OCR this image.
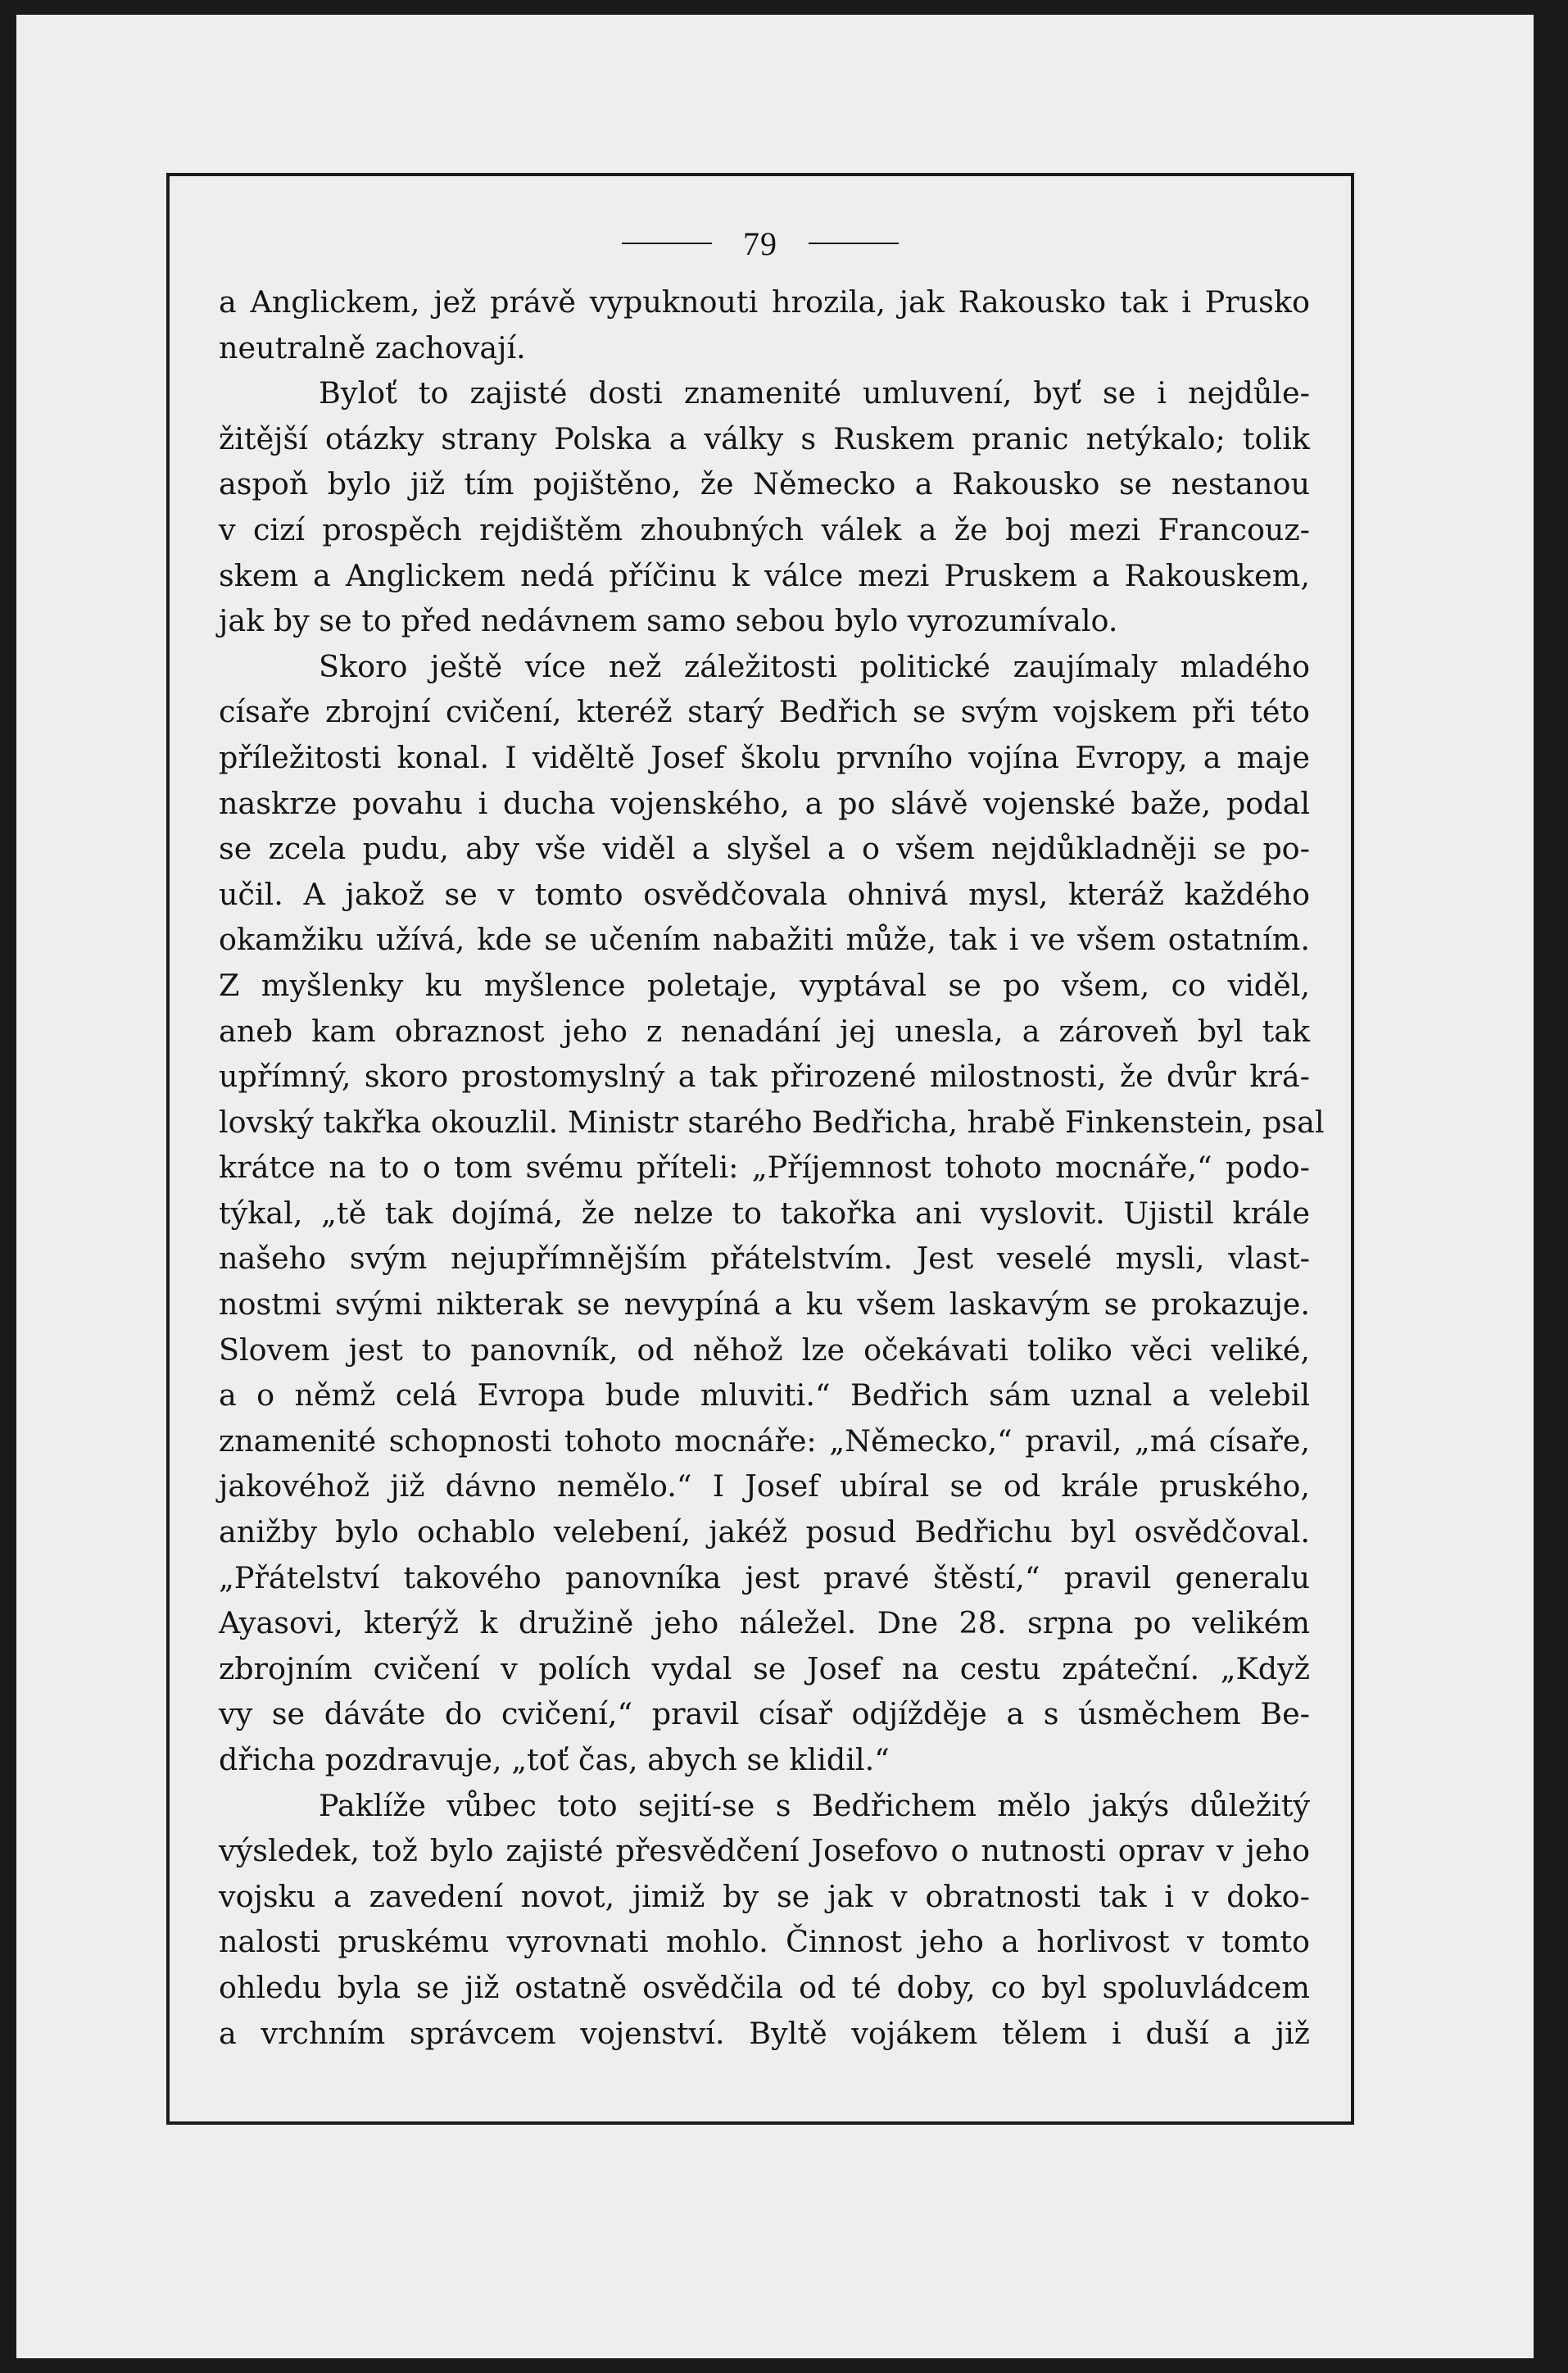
79
a Anglickem, jež právě vypuknouti hrozila, jak Rakousko tak i Prusko
neutralně zachovají.
Byloť to zajisté dosti znamenité umluvení, byť se i nejdůle-
žitější otázky strany Polska a války s Ruskem pranic netýkalo; tolik
aspoň bylo již tím pojištěno, že Německo a Rakousko se nestanou
v cizí prospěch rejdištěm zhoubných válek a že boj mezi Francouz-
skem a Anglickem nedá příčinu k válce mezi Pruskem a Rakouskem,
jak by se to před nedávnem samo sebou bylo vyrozumívalo.
Skoro ještě více než záležitosti politické zaujímaly mladého
císaře zbrojní cvičení, kteréž starý Bedřich se svým vojskem při této
příležitosti konal. I viděltě Josef školu prvního vojína Evropy, a maje
naskrze povahu i ducha vojenského, a po slávě vojenské baže, podal
se zcela pudu, aby vše viděl a slyšel a o všem nejdůkladněji se po-
učil. A jakož se v tomto osvědčovala ohnivá mysl, kteráž každého
okamžiku užívá, kde se učením nabažiti může, tak i ve všem ostatním.
Z myšlenky ku myšlence poletaje, vyptával se po všem, co viděl,
aneb kam obraznost jeho z nenadání jej unesla, a zároveň byl tak
upřímný, skoro prostomyslný a tak přirozené milostnosti, že dvůr krá-
lovský takřka okouzlil. Ministr starého Bedřicha, hrabě Finkenstein, psal
krátce na to o tom svému příteli: „Příjemnost tohoto mocnáře,“ podo-
týkal, „tě tak dojímá, že nelze to takořka ani vyslovit. Ujistil krále
našeho svým nejupřímnějším přátelstvím. Jest veselé mysli, vlast-
nostmi svými nikterak se nevypíná a ku všem laskavým se prokazuje.
Slovem jest to panovník, od něhož lze očekávati toliko věci veliké,
a o němž celá Evropa bude mluviti.“ Bedřich sám uznal a velebil
znamenité schopnosti tohoto mocnáře: „Německo,“ pravil, „má císaře,
jakovéhož již dávno nemělo.“ I Josef ubíral se od krále pruského,
anižby bylo ochablo velebení, jakéž posud Bedřichu byl osvědčoval.
„Přátelství takového panovníka jest pravé štěstí,“ pravil generalu
Ayasovi, kterýž k družině jeho náležel. Dne 28. srpna po velikém
zbrojním cvičení v polích vydal se Josef na cestu zpáteční. „Když
vy se dáváte do cvičení,“ pravil císař odjížděje a s úsměchem Be-
dřicha pozdravuje, „toť čas, abych se klidil.“
Paklíže vůbec toto sejití-se s Bedřichem mělo jakýs důležitý
výsledek, tož bylo zajisté přesvědčení Josefovo o nutnosti oprav v jeho
vojsku a zavedení novot, jimiž by se jak v obratnosti tak i v doko-
nalosti pruskému vyrovnati mohlo. Činnost jeho a horlivost v tomto
ohledu byla se již ostatně osvědčila od té doby, co byl spoluvládcem
a vrchním správcem vojenství. Byltě vojákem tělem i duší a již
